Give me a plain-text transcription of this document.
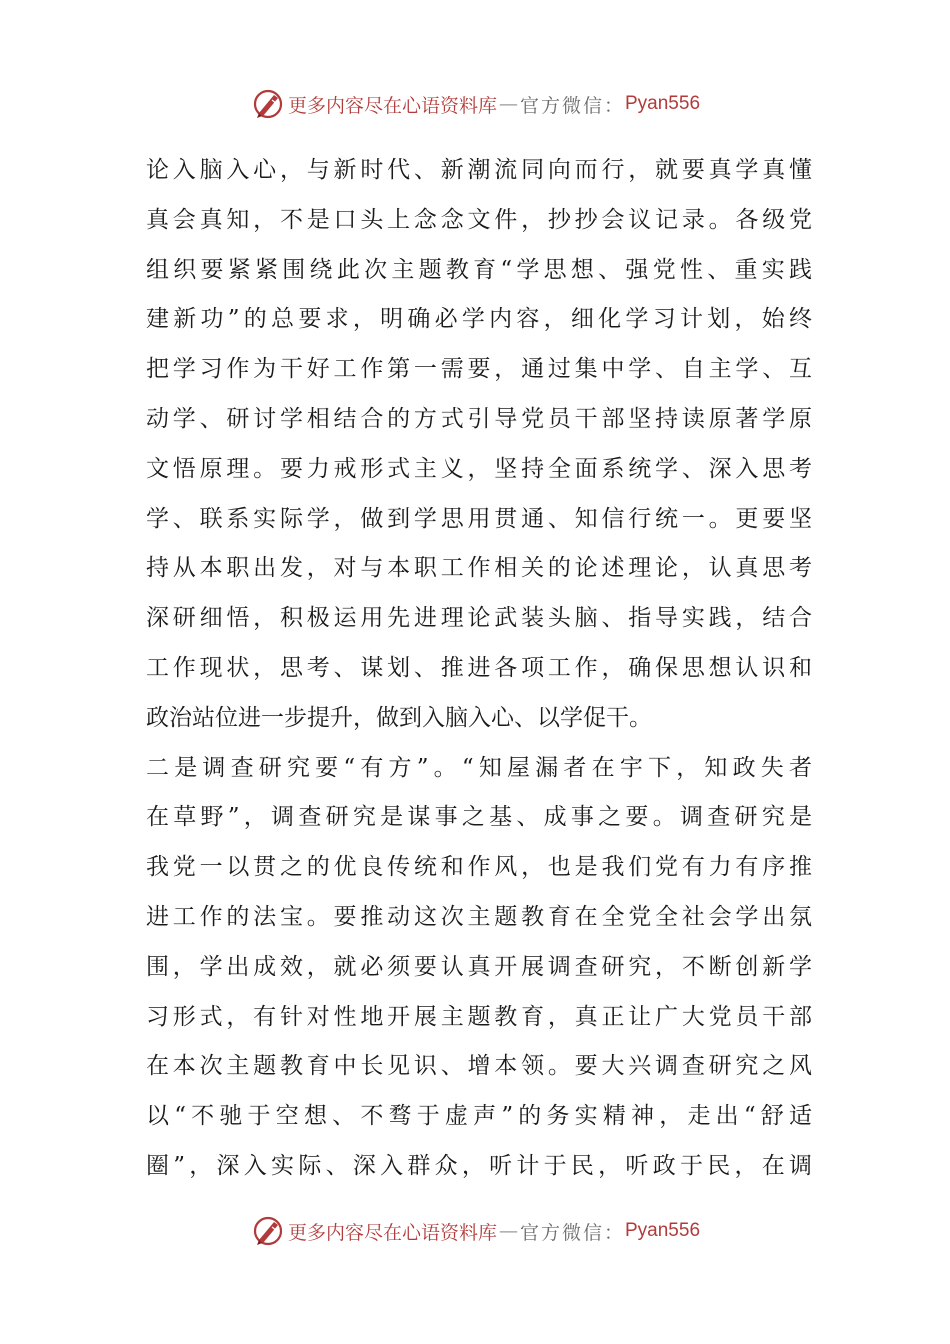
更多内容尽在心语资料库 — 官方微信： Pyan556
论入脑入心，与新时代、新潮流同向而行，就要真学真懂
真会真知，不是口头上念念文件，抄抄会议记录。各级党
组织要紧紧围绕此次主题教育“学思想、强党性、重实践
建新功”的总要求，明确必学内容，细化学习计划，始终
把学习作为干好工作第一需要，通过集中学、自主学、互
动学、研讨学相结合的方式引导党员干部坚持读原著学原
文悟原理。要力戒形式主义，坚持全面系统学、深入思考
学、联系实际学，做到学思用贯通、知信行统一。更要坚
持从本职出发，对与本职工作相关的论述理论，认真思考
深研细悟，积极运用先进理论武装头脑、指导实践，结合
工作现状，思考、谋划、推进各项工作，确保思想认识和
政治站位进一步提升，做到入脑入心、以学促干。
二是调查研究要“有方”。“知屋漏者在宇下，知政失者
在草野”，调查研究是谋事之基、成事之要。调查研究是
我党一以贯之的优良传统和作风，也是我们党有力有序推
进工作的法宝。要推动这次主题教育在全党全社会学出氛
围，学出成效，就必须要认真开展调查研究，不断创新学
习形式，有针对性地开展主题教育，真正让广大党员干部
在本次主题教育中长见识、增本领。要大兴调查研究之风
以“不驰于空想、不骛于虚声”的务实精神，走出“舒适
圈”，深入实际、深入群众，听计于民，听政于民，在调
更多内容尽在心语资料库 — 官方微信： Pyan556
